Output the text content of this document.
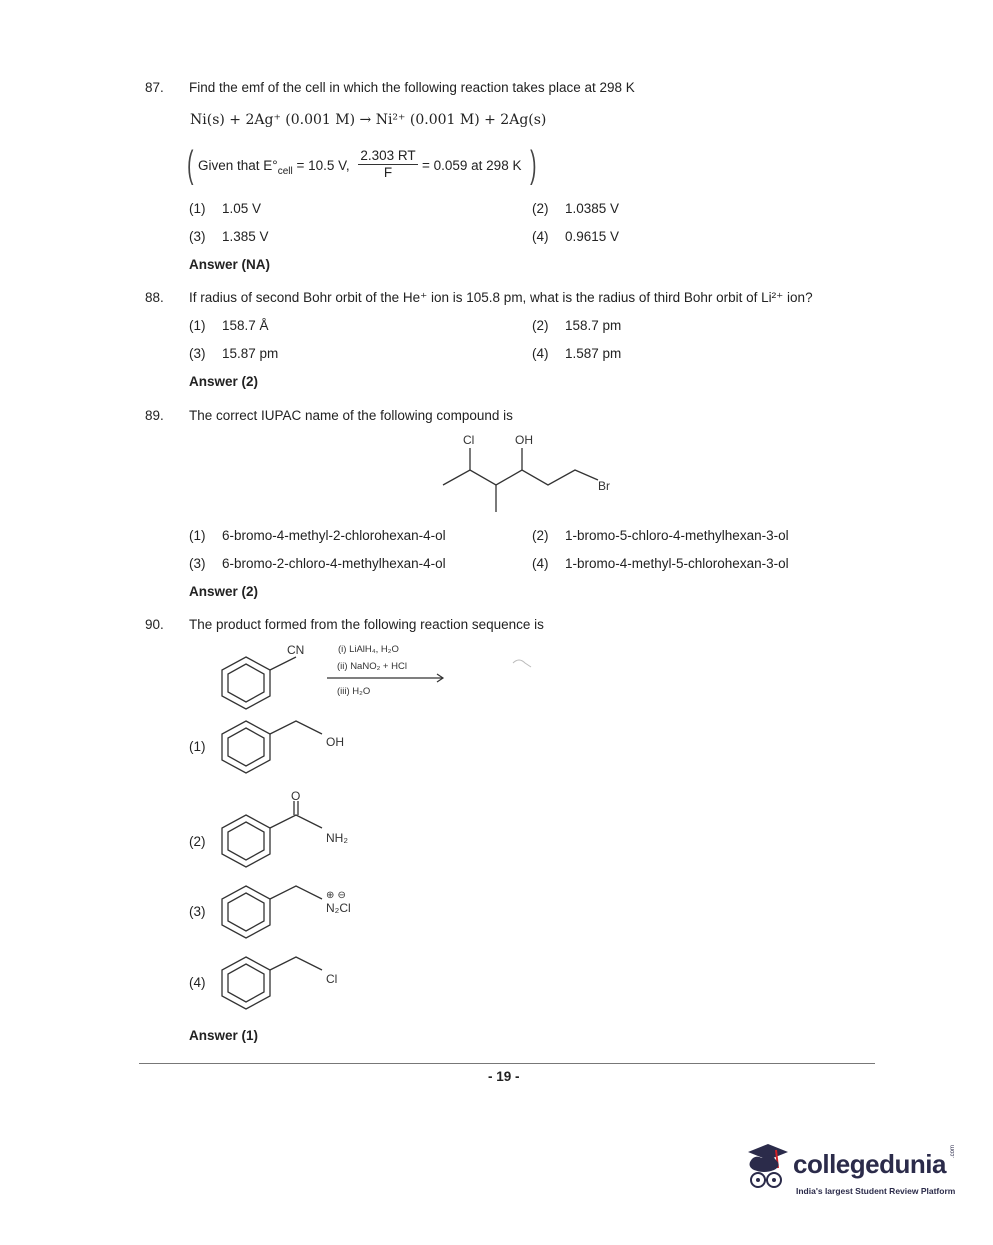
87. Find the emf of the cell in which the following reaction takes place at 298 K
Ni(s) + 2Ag⁺ (0.001 M) → Ni²⁺ (0.001 M) + 2Ag(s)
( Given that $E^\circ_{cell} = 10.5$ V,
2.303 RT
F	= 0.059 at 298 K )
(1) 1.05 V	(2) 1.0385 V
(3) 1.385 V	(4) 0.9615 V
Answer (NA)
88. If radius of second Bohr orbit of the He⁺ ion is 105.8 pm, what is the radius of third Bohr orbit of Li²⁺ ion?
(1) 158.7 Å	(2) 158.7 pm
(3) 15.87 pm	(4) 1.587 pm
Answer (2)
89. The correct IUPAC name of the following compound is
Cl	OH
Br
(1) 6-bromo-4-methyl-2-chlorohexan-4-ol	(2) 1-bromo-5-chloro-4-methylhexan-3-ol
(3) 6-bromo-2-chloro-4-methylhexan-4-ol	(4) 1-bromo-4-methyl-5-chlorohexan-3-ol
Answer (2)
90. The product formed from the following reaction sequence is
CN	(i) LiAlH₄, H₂O
(ii) NaNO₂ + HCl
(iii) H₂O
OH
O
NH₂
⊕ ⊖
N₂Cl
Cl
(1)
(2)
(3)
(4)
Answer (1)
- 19 -
collegedunia .com
India's largest Student Review Platform
